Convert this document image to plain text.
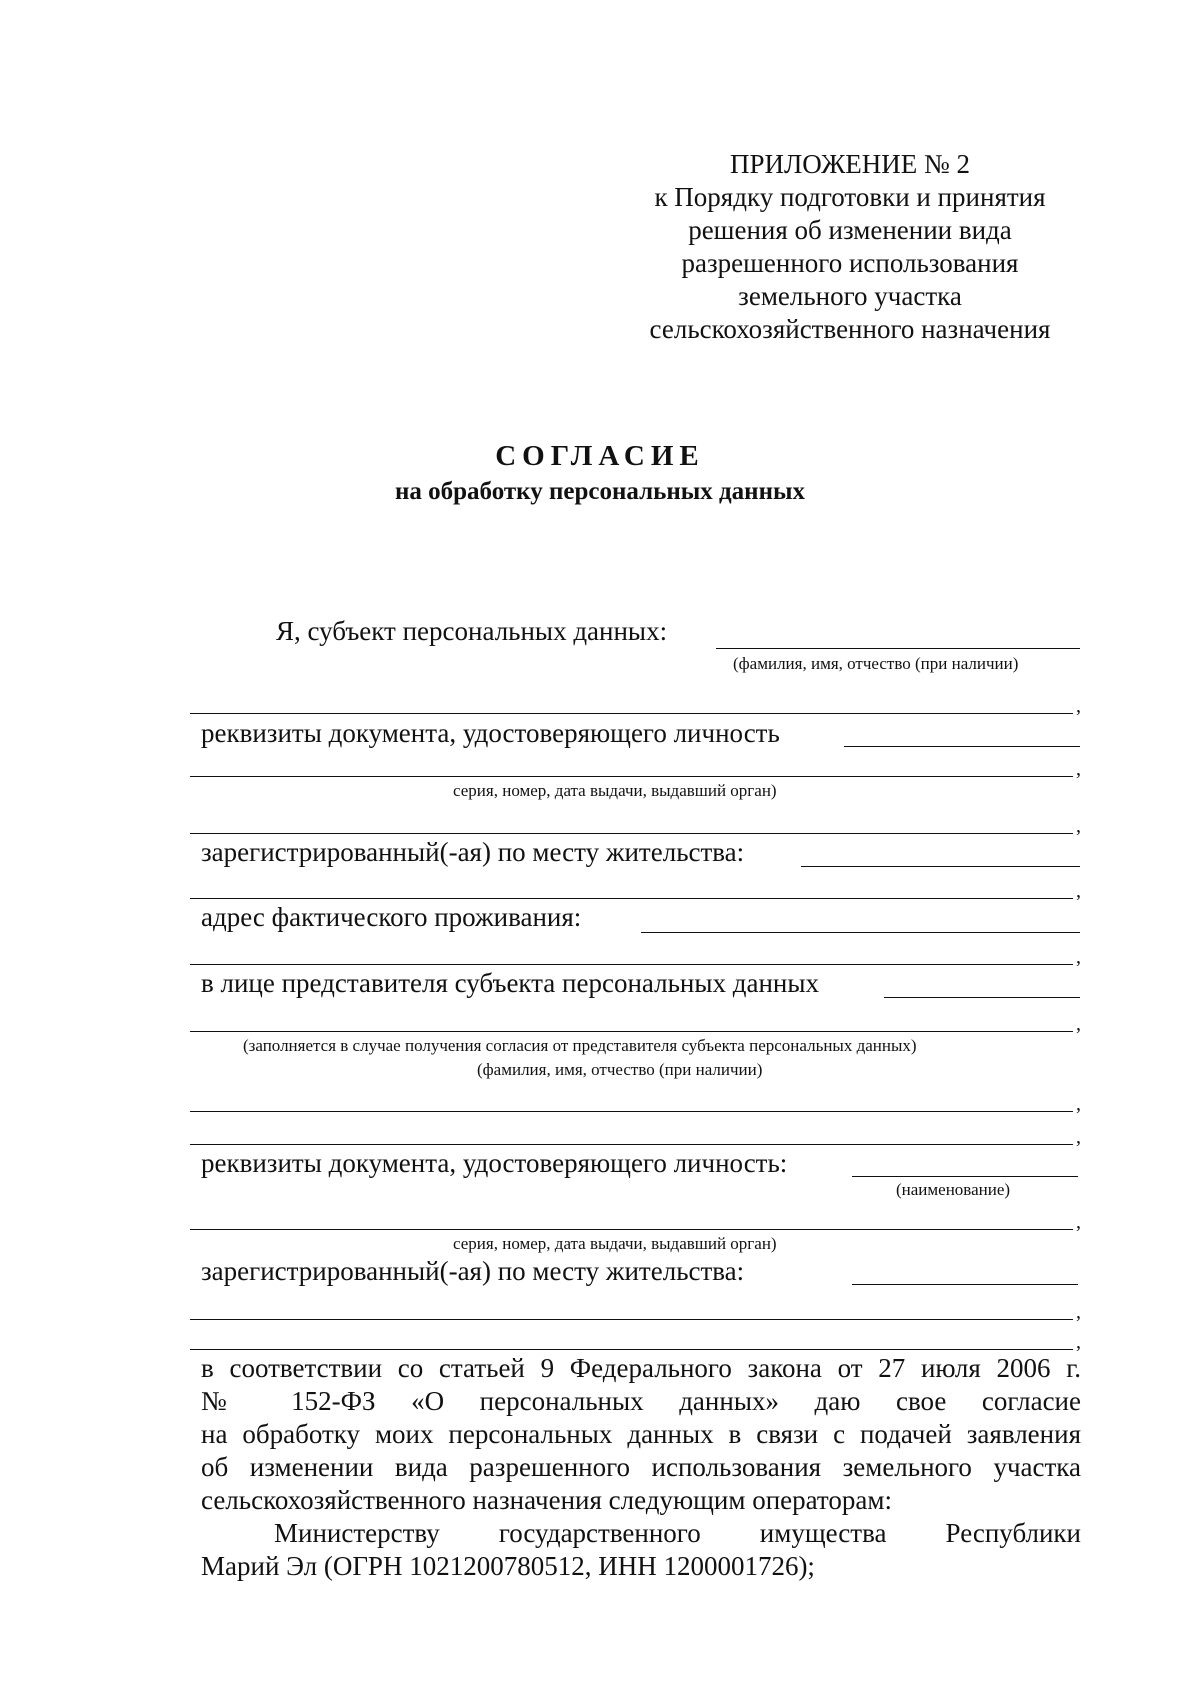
ПРИЛОЖЕНИЕ № 2
к Порядку подготовки и принятия
решения об изменении вида
разрешенного использования
земельного участка
сельскохозяйственного назначения
СОГЛАСИЕ
на обработку персональных данных
Я, субъект персональных данных:
(фамилия, имя, отчество (при наличии)
,
реквизиты документа, удостоверяющего личность
,
серия, номер, дата выдачи, выдавший орган)
,
зарегистрированный(-ая) по месту жительства:
,
адрес фактического проживания:
,
в лице представителя субъекта персональных данных
,
(заполняется в случае получения согласия от представителя субъекта персональных данных)
(фамилия, имя, отчество (при наличии)
,
,
реквизиты документа, удостоверяющего личность:
(наименование)
,
серия, номер, дата выдачи, выдавший орган)
зарегистрированный(-ая) по месту жительства:
,
,
в соответствии со статьей 9 Федерального закона от 27 июля 2006 г.
№ 152-ФЗ «О персональных данных» даю свое согласие
на обработку моих персональных данных в связи с подачей заявления
об изменении вида разрешенного использования земельного участка
сельскохозяйственного назначения следующим операторам:
Министерству государственного имущества Республики
Марий Эл (ОГРН 1021200780512, ИНН 1200001726);
